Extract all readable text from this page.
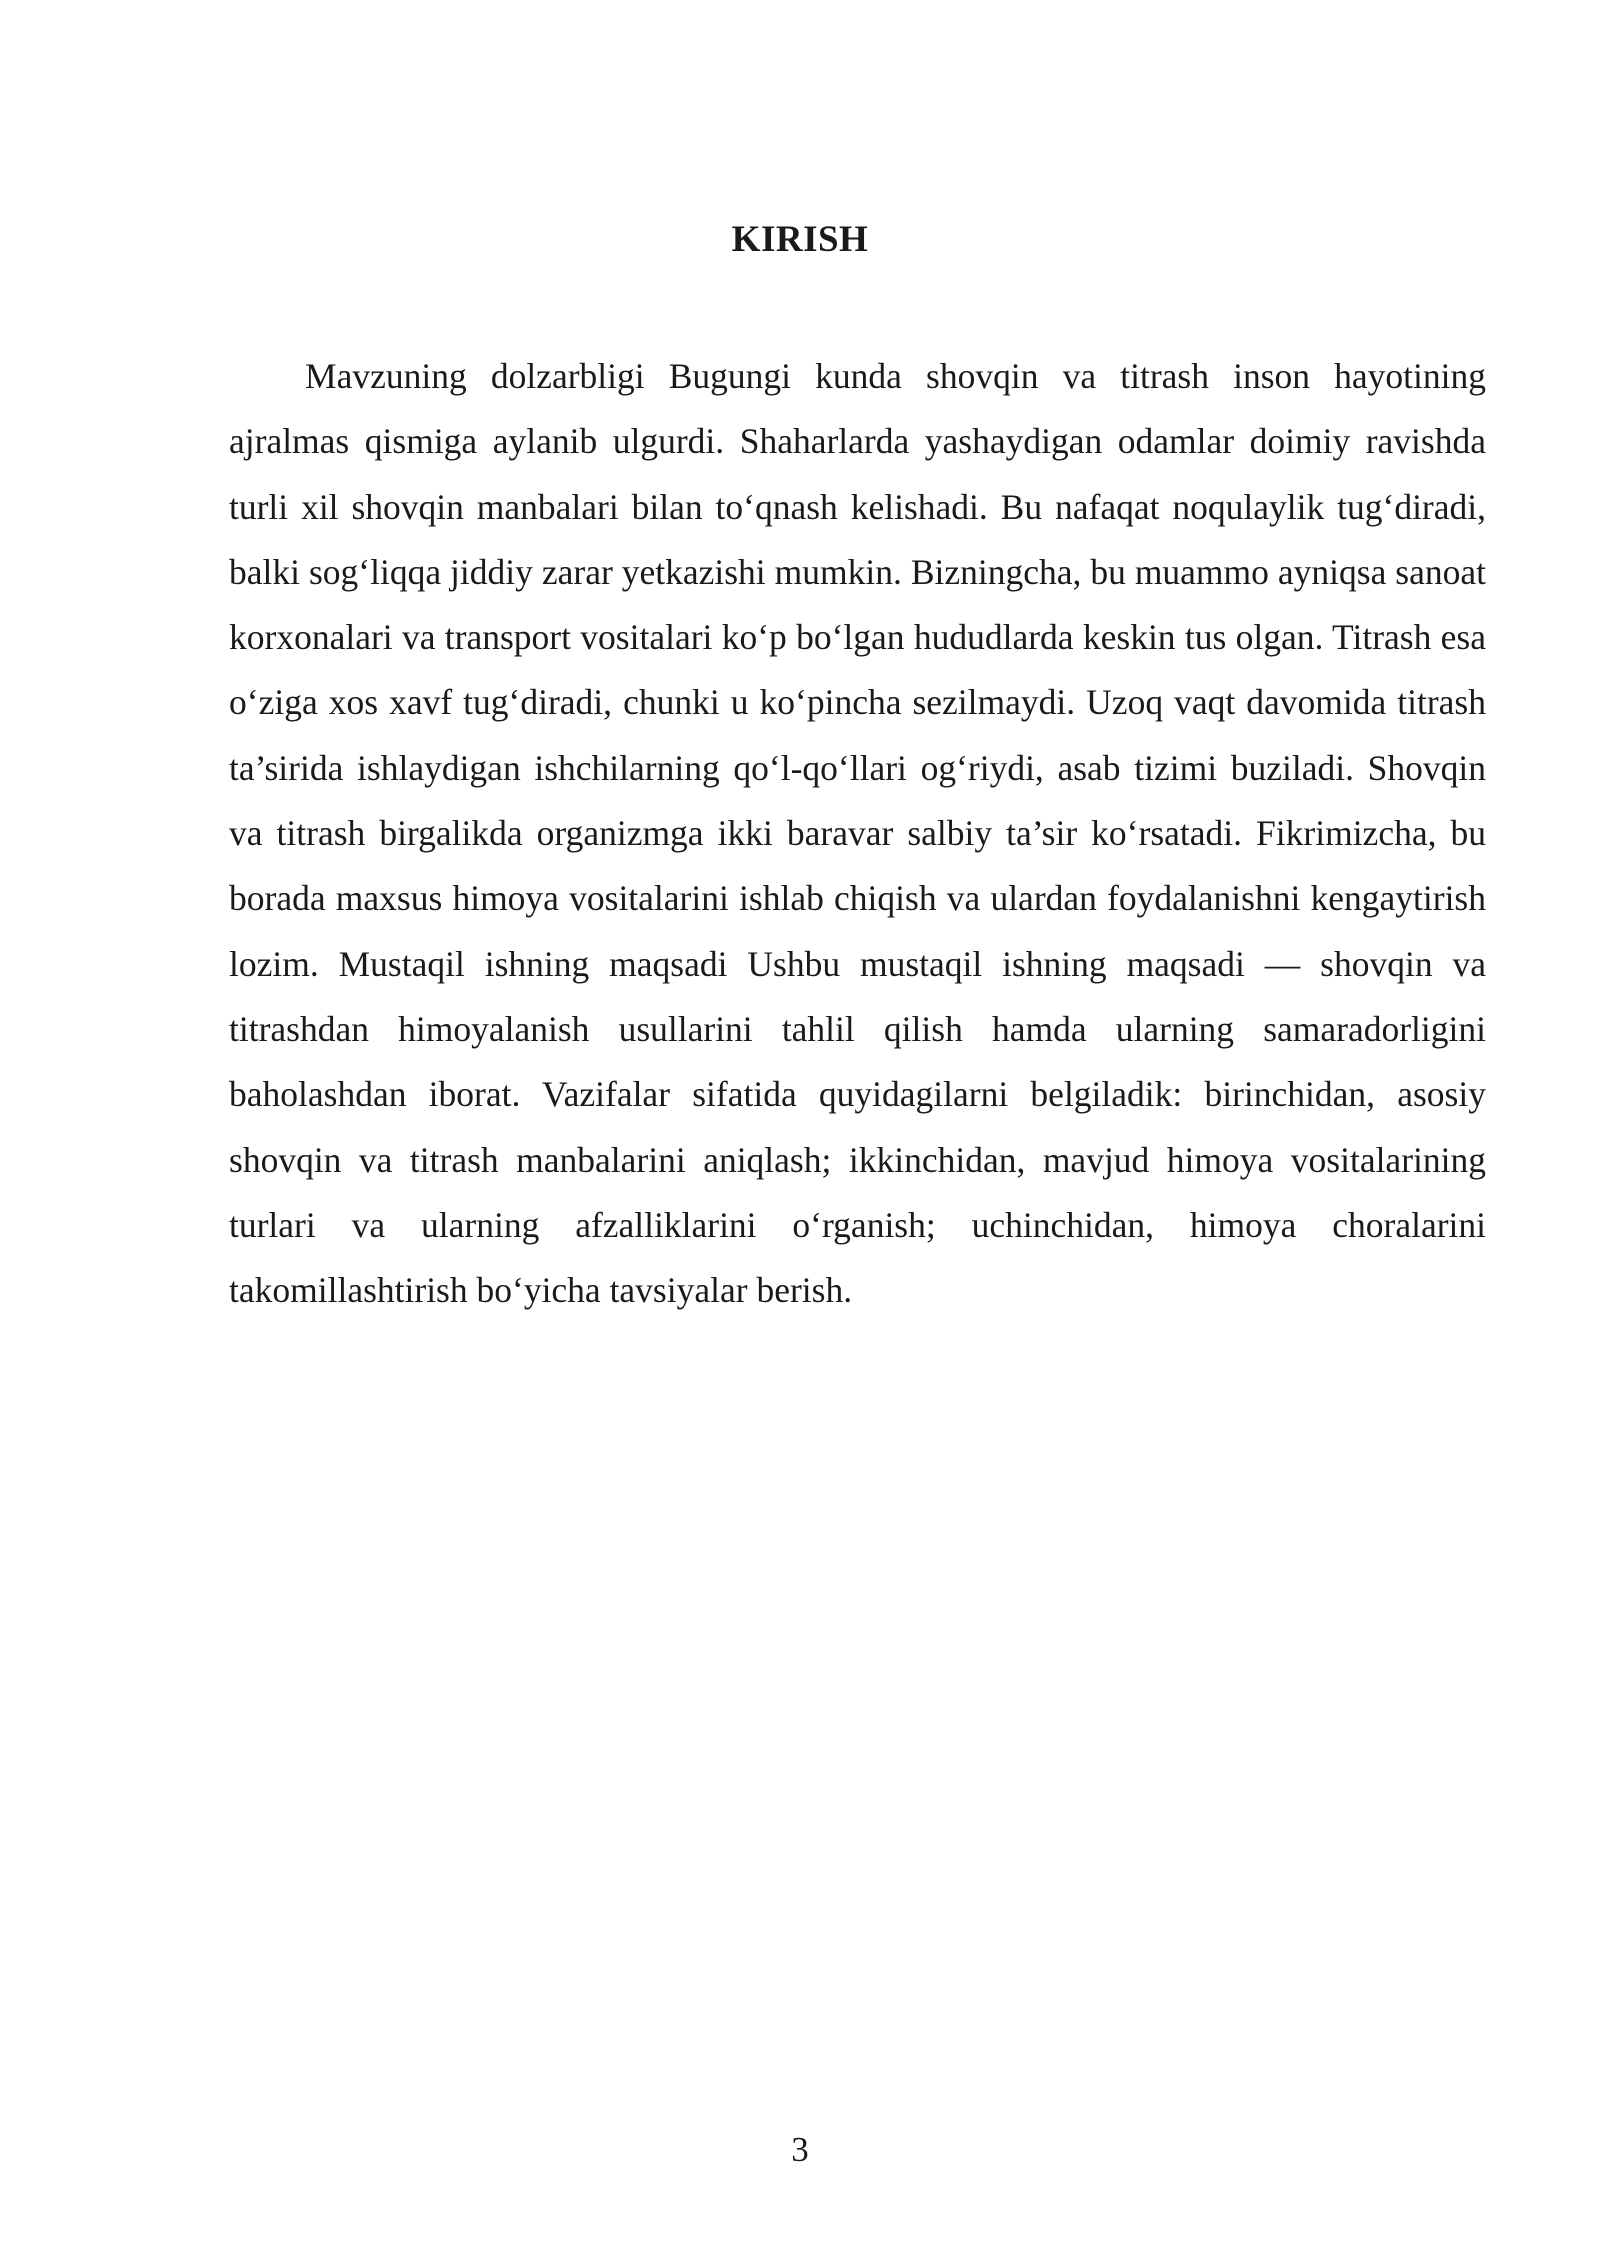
KIRISH

Mavzuning dolzarbligi Bugungi kunda shovqin va titrash inson hayotining ajralmas qismiga aylanib ulgurdi. Shaharlarda yashaydigan odamlar doimiy ravishda turli xil shovqin manbalari bilan to‘qnash kelishadi. Bu nafaqat noqulaylik tug‘diradi, balki sog‘liqqa jiddiy zarar yetkazishi mumkin. Bizningcha, bu muammo ayniqsa sanoat korxonalari va transport vositalari ko‘p bo‘lgan hududlarda keskin tus olgan. Titrash esa o‘ziga xos xavf tug‘diradi, chunki u ko‘pincha sezilmaydi. Uzoq vaqt davomida titrash ta’sirida ishlaydigan ishchilarning qo‘l-qo‘llari og‘riydi, asab tizimi buziladi. Shovqin va titrash birgalikda organizmga ikki baravar salbiy ta’sir ko‘rsatadi. Fikrimizcha, bu borada maxsus himoya vositalarini ishlab chiqish va ulardan foydalanishni kengaytirish lozim. Mustaqil ishning maqsadi Ushbu mustaqil ishning maqsadi — shovqin va titrashdan himoyalanish usullarini tahlil qilish hamda ularning samaradorligini baholashdan iborat. Vazifalar sifatida quyidagilarni belgiladik: birinchidan, asosiy shovqin va titrash manbalarini aniqlash; ikkinchidan, mavjud himoya vositalarining turlari va ularning afzalliklarini o‘rganish; uchinchidan, himoya choralarini takomillashtirish bo‘yicha tavsiyalar berish.

3
